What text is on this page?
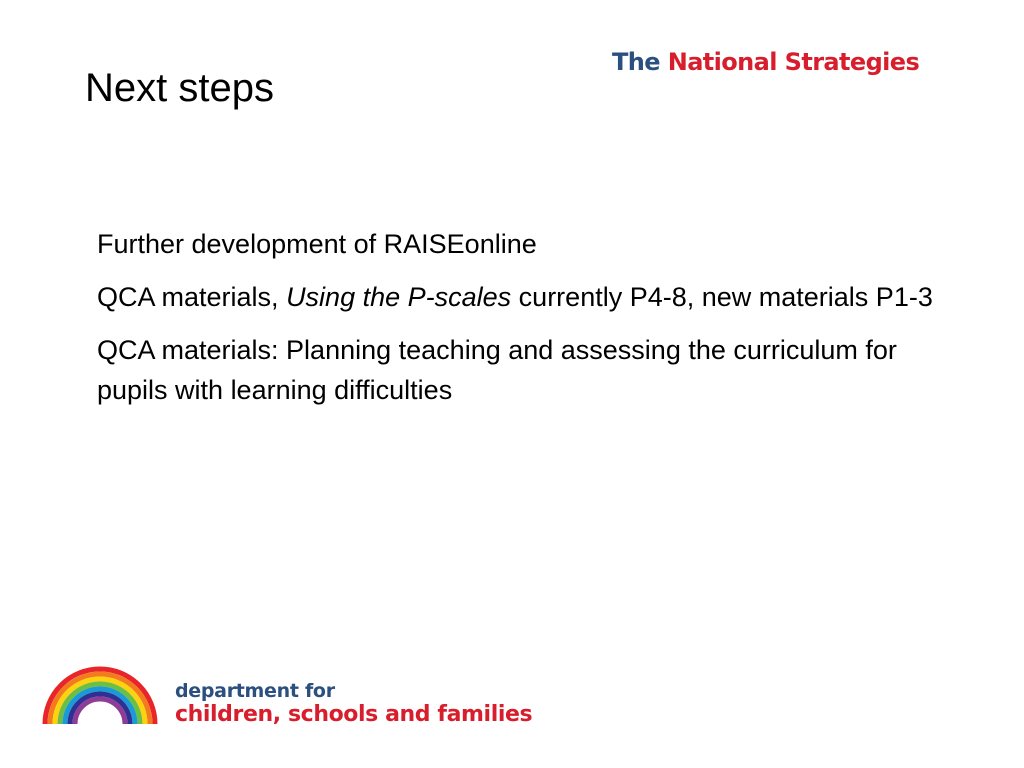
Next steps
The National Strategies
Further development of RAISEonline
QCA materials, Using the P-scales currently P4-8, new materials P1-3
QCA materials: Planning teaching and assessing the curriculum for pupils with learning difficulties
department for
children, schools and families
